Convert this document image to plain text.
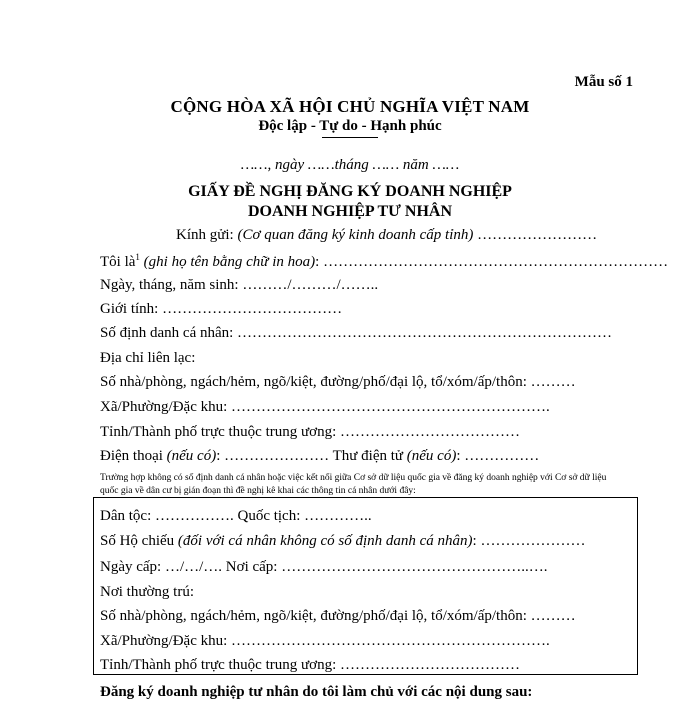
Mẫu số 1
CỘNG HÒA XÃ HỘI CHỦ NGHĨA VIỆT NAM
Độc lập - Tự do - Hạnh phúc
……, ngày ……tháng …… năm ……
GIẤY ĐỀ NGHỊ ĐĂNG KÝ DOANH NGHIỆP
DOANH NGHIỆP TƯ NHÂN
Kính gửi: (Cơ quan đăng ký kinh doanh cấp tỉnh) ……………………
Tôi $là^1$ (ghi họ tên bằng chữ in hoa): ……………………………………………………………
Ngày, tháng, năm sinh: ………/………/……..
Giới tính: ………………………………
Số định danh cá nhân: …………………………………………………………………
Địa chỉ liên lạc:
Số nhà/phòng, ngách/hẻm, ngõ/kiệt, đường/phố/đại lộ, tổ/xóm/ấp/thôn: ………
Xã/Phường/Đặc khu: ……………………………………………………….
Tỉnh/Thành phố trực thuộc trung ương: ………………………………
Điện thoại (nếu có): ………………… Thư điện tử (nếu có): ……………
Trường hợp không có số định danh cá nhân hoặc việc kết nối giữa Cơ sở dữ liệu quốc gia về đăng ký doanh nghiệp với Cơ sở dữ liệu quốc gia về dân cư bị gián đoạn thì đề nghị kê khai các thông tin cá nhân dưới đây:
Dân tộc: ……………. Quốc tịch: …………..
Số Hộ chiếu (đối với cá nhân không có số định danh cá nhân): …………………
Ngày cấp: …/…/…. Nơi cấp: …………………………………………..….
Nơi thường trú:
Số nhà/phòng, ngách/hẻm, ngõ/kiệt, đường/phố/đại lộ, tổ/xóm/ấp/thôn: ………
Xã/Phường/Đặc khu: ……………………………………………………….
Tỉnh/Thành phố trực thuộc trung ương: ………………………………
Đăng ký doanh nghiệp tư nhân do tôi làm chủ với các nội dung sau:
